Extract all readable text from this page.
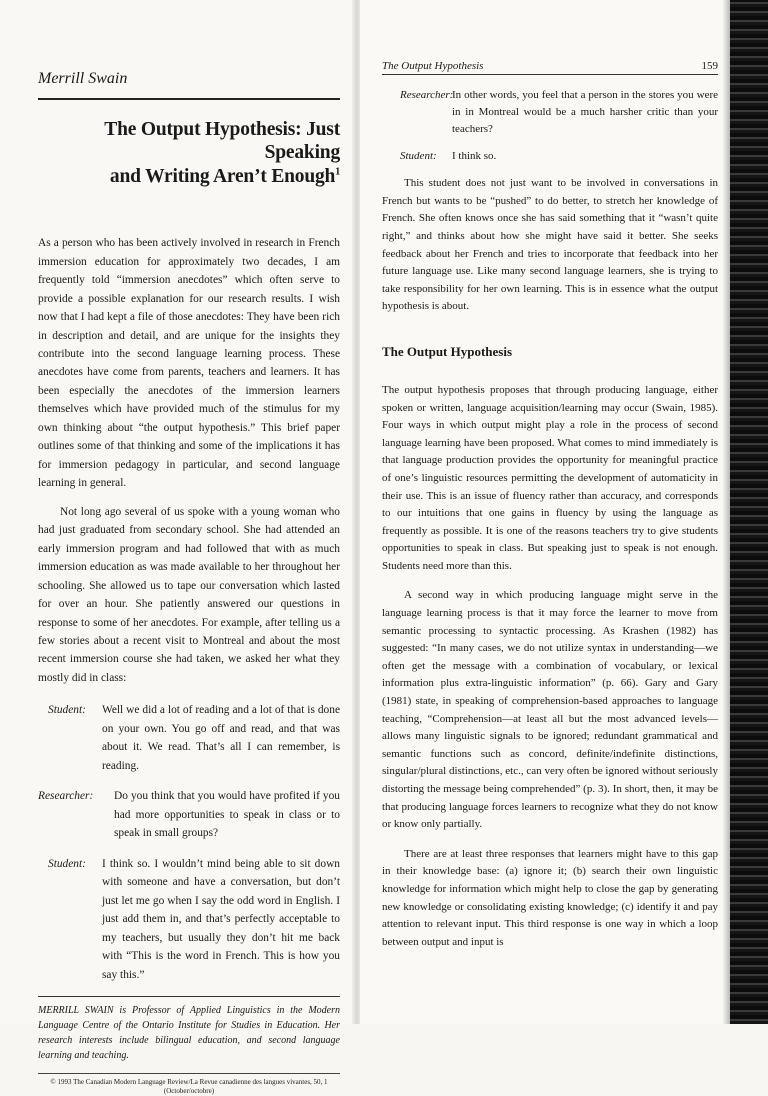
Merrill Swain
The Output Hypothesis: Just Speaking
and Writing Aren’t Enough$^1$

As a person who has been actively involved in research in French immersion education for approximately two decades, I am frequently told “immersion anecdotes” which often serve to provide a possible explanation for our research results. I wish now that I had kept a file of those anecdotes: They have been rich in description and detail, and are unique for the insights they contribute into the second language learning process. These anecdotes have come from parents, teachers and learners. It has been especially the anecdotes of the immersion learners themselves which have provided much of the stimulus for my own thinking about “the output hypothesis.” This brief paper outlines some of that thinking and some of the implications it has for immersion pedagogy in particular, and second language learning in general.

Not long ago several of us spoke with a young woman who had just graduated from secondary school. She had attended an early immersion program and had followed that with as much immersion education as was made available to her throughout her schooling. She allowed us to tape our conversation which lasted for over an hour. She patiently answered our questions in response to some of her anecdotes. For example, after telling us a few stories about a recent visit to Montreal and about the most recent immersion course she had taken, we asked her what they mostly did in class:

Student:	Well we did a lot of reading and a lot of that is done on your own. You go off and read, and that was about it. We read. That’s all I can remember, is reading.
Researcher:	Do you think that you would have profited if you had more opportunities to speak in class or to speak in small groups?
Student:	I think so. I wouldn’t mind being able to sit down with someone and have a conversation, but don’t just let me go when I say the odd word in English. I just add them in, and that’s perfectly acceptable to my teachers, but usually they don’t hit me back with “This is the word in French. This is how you say this.”

MERRILL SWAIN is Professor of Applied Linguistics in the Modern Language Centre of the Ontario Institute for Studies in Education. Her research interests include bilingual education, and second language learning and teaching.

© 1993 The Canadian Modern Language Review/La Revue canadienne des langues vivantes, 50, 1 (October/octobre)
The Output Hypothesis	159
Researcher:
In other words, you feel that a person in the stores you were in in Montreal would be a much harsher critic than your teachers?
Student:	I think so.

This student does not just want to be involved in conversations in French but wants to be “pushed” to do better, to stretch her knowledge of French. She often knows once she has said something that it “wasn’t quite right,” and thinks about how she might have said it better. She seeks feedback about her French and tries to incorporate that feedback into her future language use. Like many second language learners, she is trying to take responsibility for her own learning. This is in essence what the output hypothesis is about.

The Output Hypothesis

The output hypothesis proposes that through producing language, either spoken or written, language acquisition/learning may occur (Swain, 1985). Four ways in which output might play a role in the process of second language learning have been proposed. What comes to mind immediately is that language production provides the opportunity for meaningful practice of one’s linguistic resources permitting the development of automaticity in their use. This is an issue of fluency rather than accuracy, and corresponds to our intuitions that one gains in fluency by using the language as frequently as possible. It is one of the reasons teachers try to give students opportunities to speak in class. But speaking just to speak is not enough. Students need more than this.

A second way in which producing language might serve in the language learning process is that it may force the learner to move from semantic processing to syntactic processing. As Krashen (1982) has suggested: “In many cases, we do not utilize syntax in understanding—we often get the message with a combination of vocabulary, or lexical information plus extra-linguistic information” (p. 66). Gary and Gary (1981) state, in speaking of comprehension-based approaches to language teaching, “Comprehension—at least all but the most advanced levels—allows many linguistic signals to be ignored; redundant grammatical and semantic functions such as concord, definite/indefinite distinctions, singular/plural distinctions, etc., can very often be ignored without seriously distorting the message being comprehended” (p. 3). In short, then, it may be that producing language forces learners to recognize what they do not know or know only partially.

There are at least three responses that learners might have to this gap in their knowledge base: (a) ignore it; (b) search their own linguistic knowledge for information which might help to close the gap by generating new knowledge or consolidating existing knowledge; (c) identify it and pay attention to relevant input. This third response is one way in which a loop between output and input is
